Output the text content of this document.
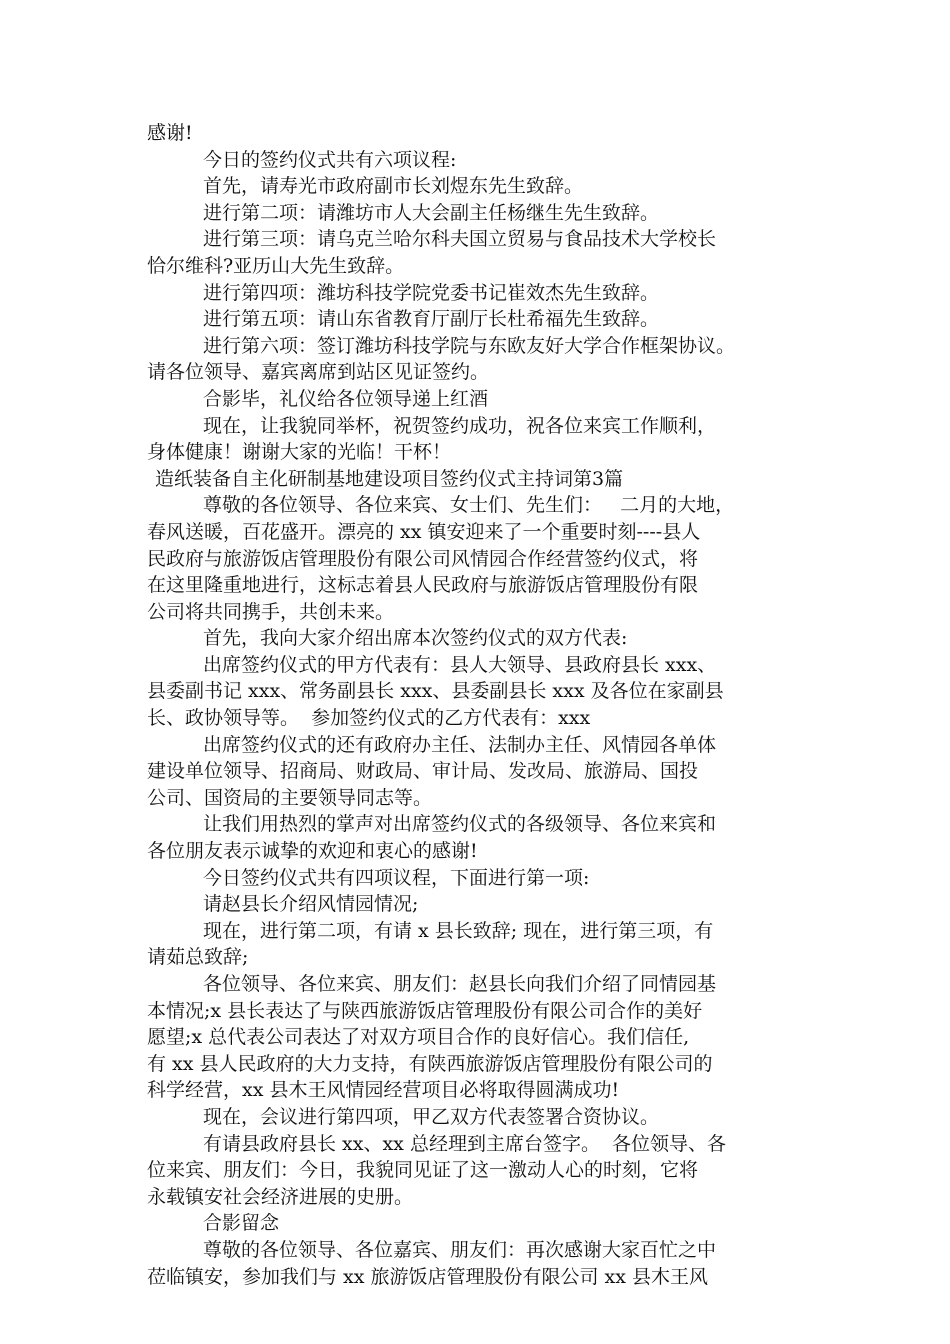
感谢!
今日的签约仪式共有六项议程:
首先，请寿光市政府副市长刘煜东先生致辞。
进行第二项：请潍坊市人大会副主任杨继生先生致辞。
进行第三项：请乌克兰哈尔科夫国立贸易与食品技术大学校长
恰尔维科?亚历山大先生致辞。
进行第四项：潍坊科技学院党委书记崔效杰先生致辞。
进行第五项：请山东省教育厅副厅长杜希福先生致辞。
进行第六项：签订潍坊科技学院与东欧友好大学合作框架协议。
请各位领导、嘉宾离席到站区见证签约。
合影毕，礼仪给各位领导递上红酒
现在，让我貌同举杯，祝贺签约成功，祝各位来宾工作顺利，
身体健康！谢谢大家的光临！干杯！
造纸装备自主化研制基地建设项目签约仪式主持词第3篇
尊敬的各位领导、各位来宾、女士们、先生们：   二月的大地，
春风送暖，百花盛开。漂亮的 xx 镇安迎来了一个重要时刻----县人
民政府与旅游饭店管理股份有限公司风情园合作经营签约仪式，将
在这里隆重地进行，这标志着县人民政府与旅游饭店管理股份有限
公司将共同携手，共创未来。
首先，我向大家介绍出席本次签约仪式的双方代表:
出席签约仪式的甲方代表有：县人大领导、县政府县长 xxx、
县委副书记 xxx、常务副县长 xxx、县委副县长 xxx 及各位在家副县
长、政协领导等。  参加签约仪式的乙方代表有：xxx
出席签约仪式的还有政府办主任、法制办主任、风情园各单体
建设单位领导、招商局、财政局、审计局、发改局、旅游局、国投
公司、国资局的主要领导同志等。
让我们用热烈的掌声对出席签约仪式的各级领导、各位来宾和
各位朋友表示诚挚的欢迎和衷心的感谢!
今日签约仪式共有四项议程，下面进行第一项:
请赵县长介绍风情园情况;
现在，进行第二项，有请 x 县长致辞; 现在，进行第三项，有
请茹总致辞;
各位领导、各位来宾、朋友们：赵县长向我们介绍了同情园基
本情况;x 县长表达了与陕西旅游饭店管理股份有限公司合作的美好
愿望;x 总代表公司表达了对双方项目合作的良好信心。我们信任,
有 xx 县人民政府的大力支持，有陕西旅游饭店管理股份有限公司的
科学经营，xx 县木王风情园经营项目必将取得圆满成功!
现在，会议进行第四项，甲乙双方代表签署合资协议。
有请县政府县长 xx、xx 总经理到主席台签字。  各位领导、各
位来宾、朋友们：今日，我貌同见证了这一激动人心的时刻，它将
永载镇安社会经济进展的史册。
合影留念
尊敬的各位领导、各位嘉宾、朋友们：再次感谢大家百忙之中
莅临镇安，参加我们与 xx 旅游饭店管理股份有限公司 xx 县木王风
